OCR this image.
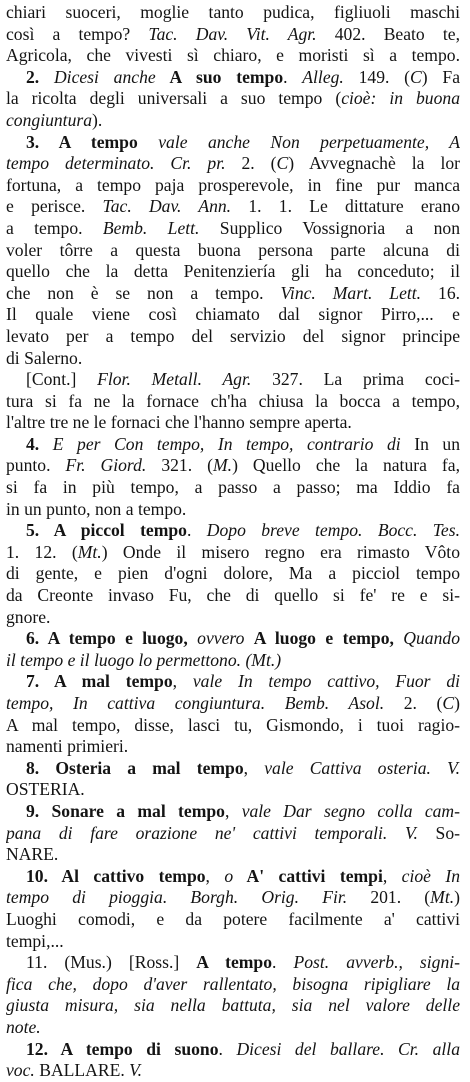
chiari suoceri, moglie tanto pudica, figliuoli maschi
così a tempo? Tac. Dav. Vit. Agr. 402. Beato te,
Agricola, che vivesti sì chiaro, e moristi sì a tempo.
2. Dicesi anche A suo tempo. Alleg. 149. (C) Fa
la ricolta degli universali a suo tempo (cioè: in buona
congiuntura).
3. A tempo vale anche Non perpetuamente, A
tempo determinato. Cr. pr. 2. (C) Avvegnachè la lor
fortuna, a tempo paja prosperevole, in fine pur manca
e perisce. Tac. Dav. Ann. 1. 1. Le dittature erano
a tempo. Bemb. Lett. Supplico Vossignoria a non
voler tôrre a questa buona persona parte alcuna di
quello che la detta Penitenziería gli ha conceduto; il
che non è se non a tempo. Vinc. Mart. Lett. 16.
Il quale viene così chiamato dal signor Pirro,... e
levato per a tempo del servizio del signor principe
di Salerno.
[Cont.] Flor. Metall. Agr. 327. La prima coci-
tura si fa ne la fornace ch'ha chiusa la bocca a tempo,
l'altre tre ne le fornaci che l'hanno sempre aperta.
4. E per Con tempo, In tempo, contrario di In un
punto. Fr. Giord. 321. (M.) Quello che la natura fa,
si fa in più tempo, a passo a passo; ma Iddio fa
in un punto, non a tempo.
5. A piccol tempo. Dopo breve tempo. Bocc. Tes.
1. 12. (Mt.) Onde il misero regno era rimasto Vôto
di gente, e pien d'ogni dolore, Ma a picciol tempo
da Creonte invaso Fu, che di quello si fe' re e si-
gnore.
6. A tempo e luogo, ovvero A luogo e tempo, Quando
il tempo e il luogo lo permettono. (Mt.)
7. A mal tempo, vale In tempo cattivo, Fuor di
tempo, In cattiva congiuntura. Bemb. Asol. 2. (C)
A mal tempo, disse, lasci tu, Gismondo, i tuoi ragio-
namenti primieri.
8. Osteria a mal tempo, vale Cattiva osteria. V.
OSTERIA.
9. Sonare a mal tempo, vale Dar segno colla cam-
pana di fare orazione ne' cattivi temporali. V. So-
NARE.
10. Al cattivo tempo, o A' cattivi tempi, cioè In
tempo di pioggia. Borgh. Orig. Fir. 201. (Mt.)
Luoghi comodi, e da potere facilmente a' cattivi
tempi,...
11. (Mus.) [Ross.] A tempo. Post. avverb., signi-
fica che, dopo d'aver rallentato, bisogna ripigliare la
giusta misura, sia nella battuta, sia nel valore delle
note.
12. A tempo di suono. Dicesi del ballare. Cr. alla
voc. BALLARE. V.
